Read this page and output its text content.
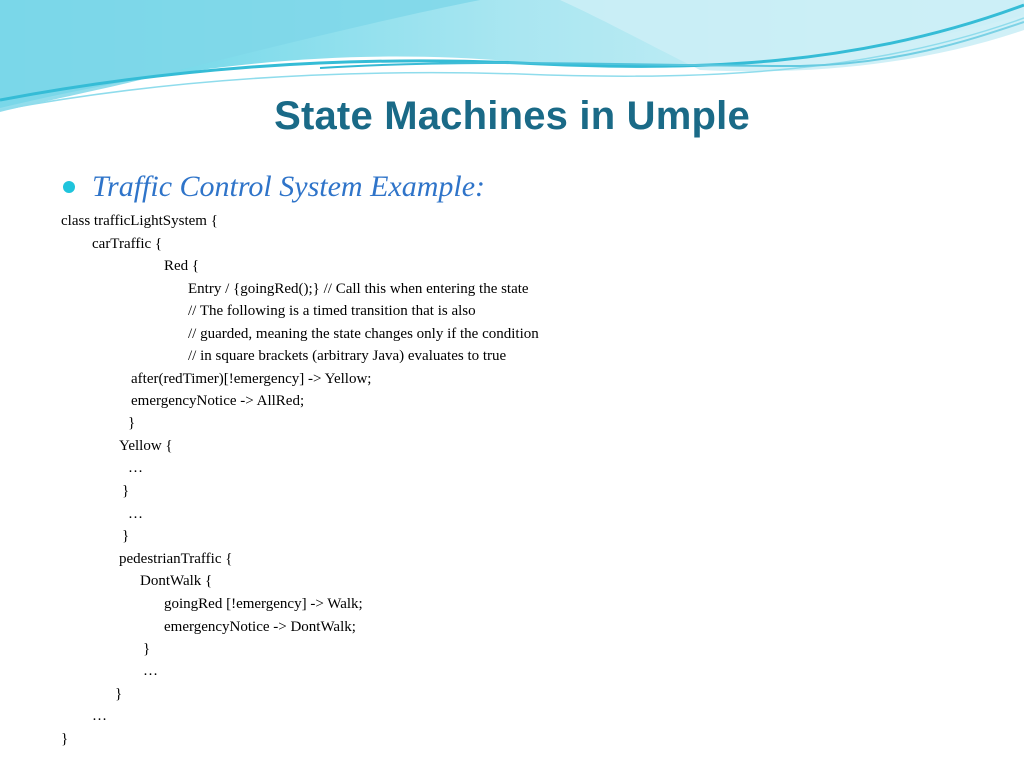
State Machines in Umple
Traffic Control System Example:
class trafficLightSystem {
carTraffic {
Red {
Entry / {goingRed();} // Call this when entering the state
// The following is a timed transition that is also
// guarded, meaning the state changes only if the condition
// in square brackets (arbitrary Java) evaluates to true
after(redTimer)[!emergency] -> Yellow;
emergencyNotice -> AllRed;
}
Yellow {
…
}
…
}
pedestrianTraffic {
DontWalk {
goingRed [!emergency] -> Walk;
emergencyNotice -> DontWalk;
}
…
}
…
}
